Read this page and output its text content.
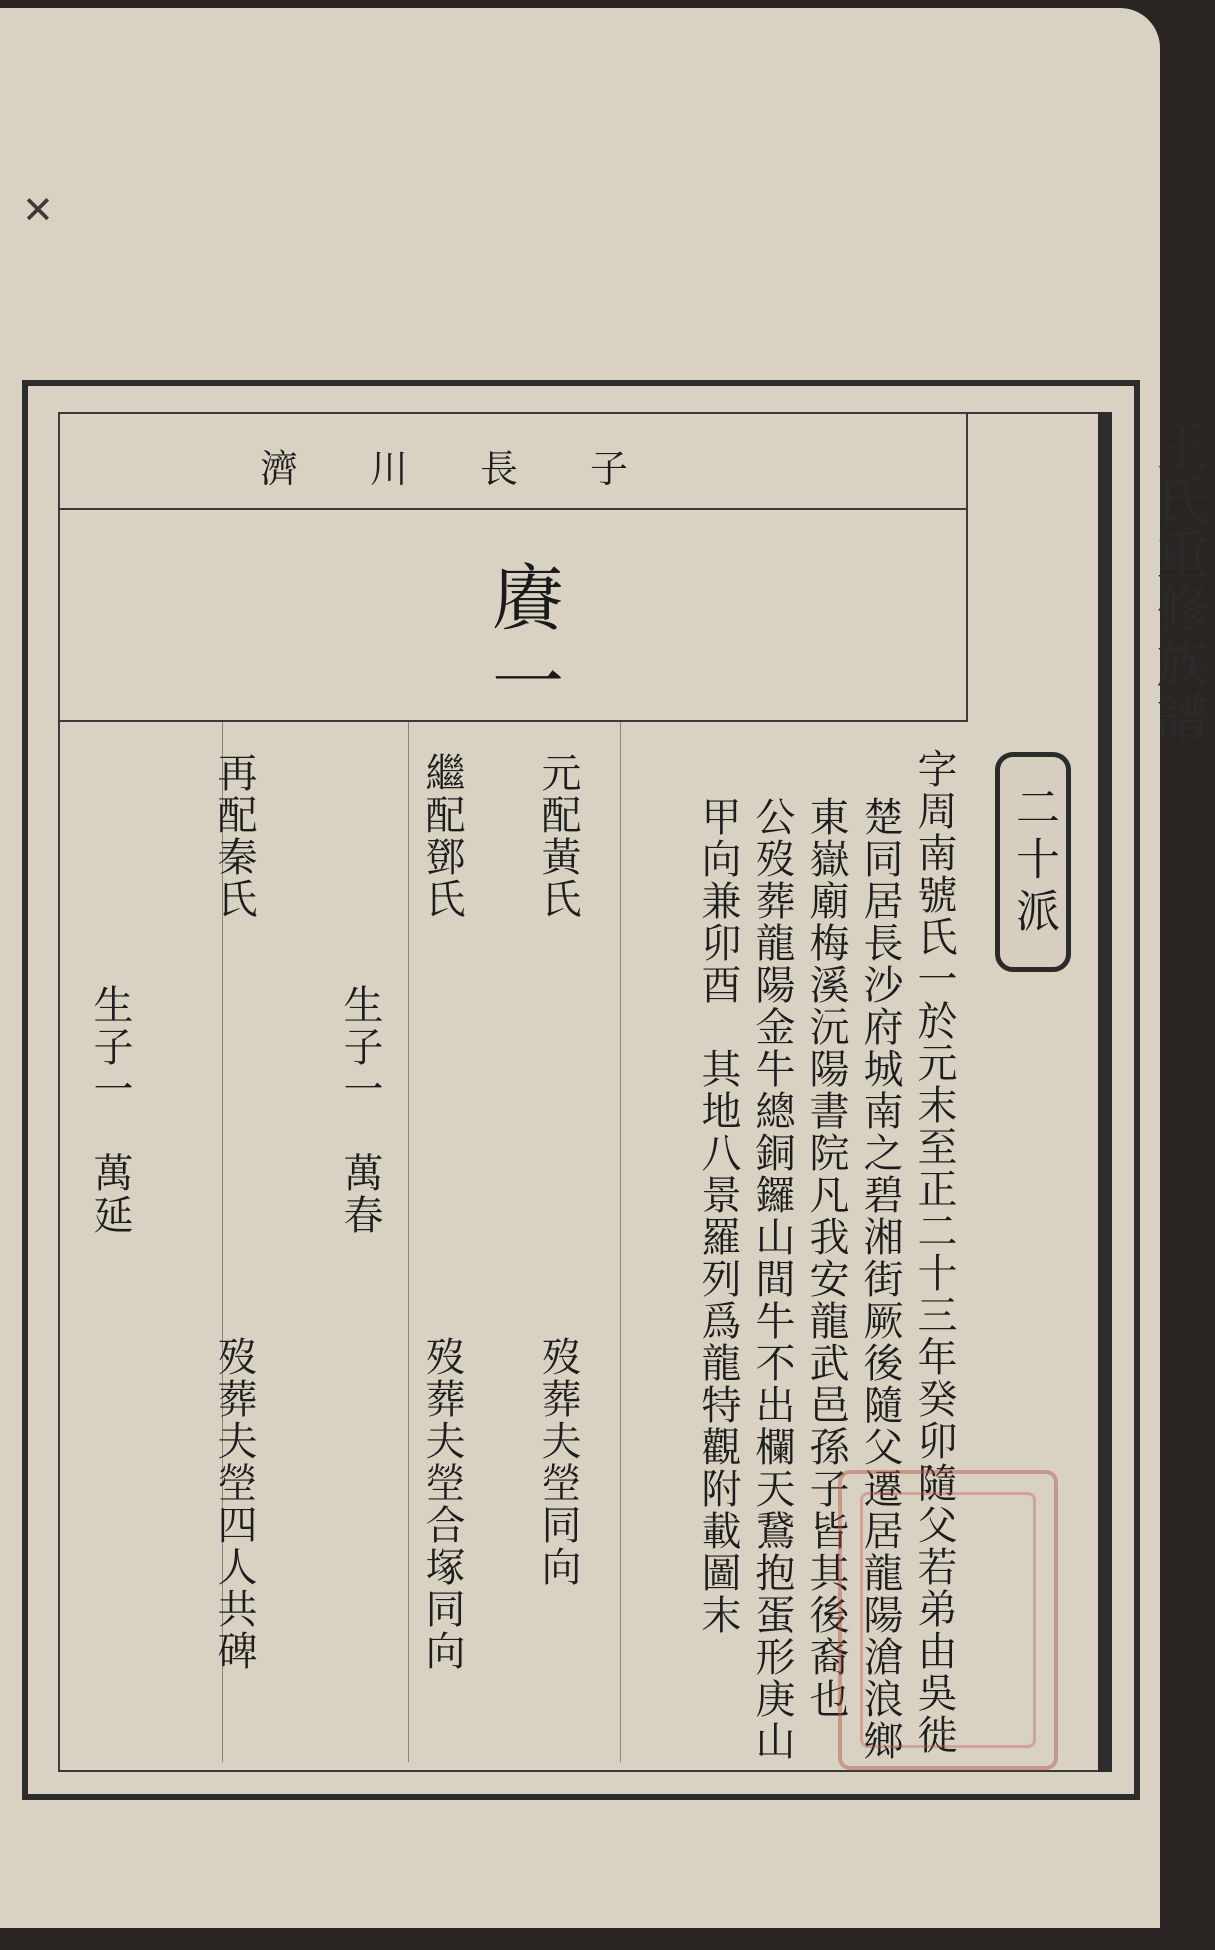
✕
王氏重修族譜
濟川長子
賡一
二十派
字周南號氏一於元末至正二十三年癸卯隨父若弟由吳徙
楚同居長沙府城南之碧湘街厥後隨父遷居龍陽滄浪鄉
東嶽廟梅溪沅陽書院凡我安龍武邑孫子皆其後裔也
公歿葬龍陽金牛總銅鑼山間牛不出欄天鵞抱蛋形庚山
甲向兼卯酉　其地八景羅列爲龍特觀附載圖末
元配黃氏
歿葬夫塋同向
繼配鄧氏
生子一　萬春
歿葬夫塋合塚同向
再配秦氏
生子一　萬延
歿葬夫塋四人共碑
